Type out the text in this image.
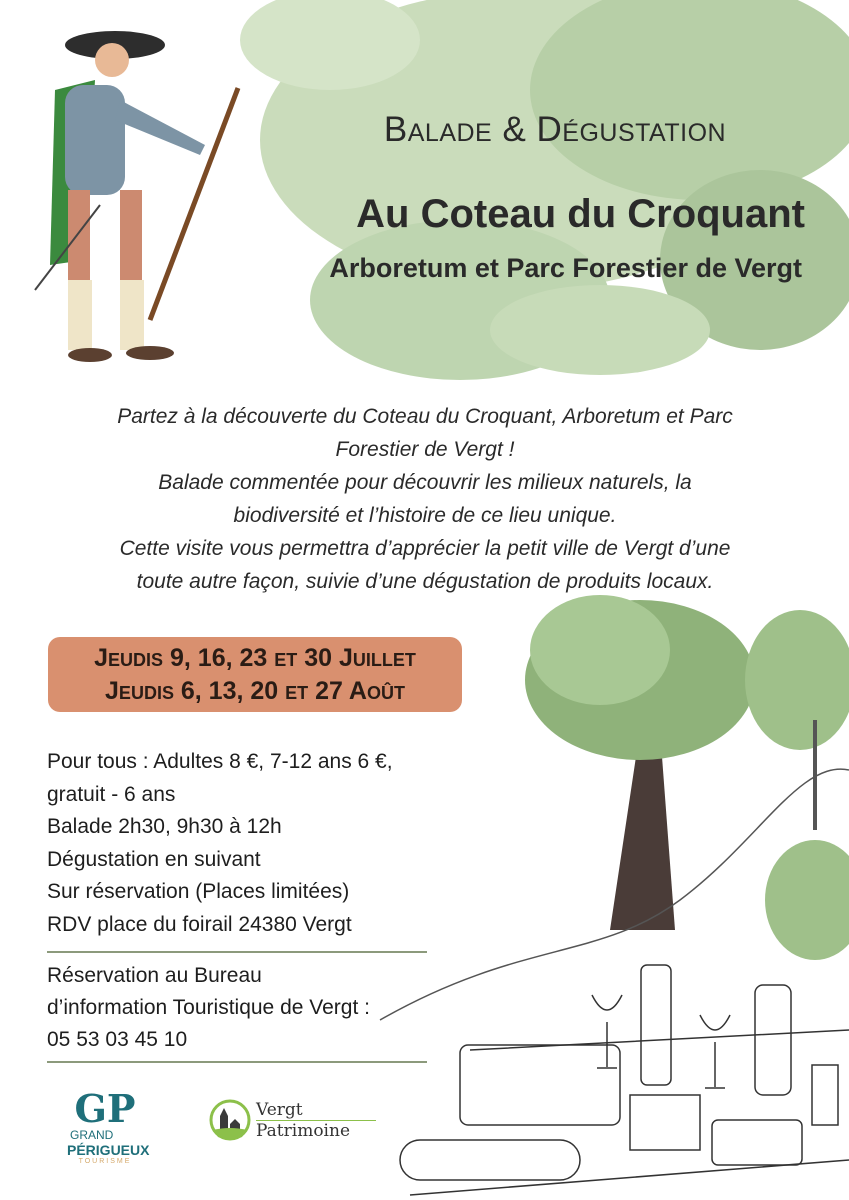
Balade & Dégustation
Au Coteau du Croquant
Arboretum et Parc Forestier de Vergt
Partez à la découverte du Coteau du Croquant, Arboretum et Parc
Forestier de Vergt !
Balade commentée pour découvrir les milieux naturels, la
biodiversité et l’histoire de ce lieu unique.
Cette visite vous permettra d’apprécier la petit ville de Vergt d’une
toute autre façon, suivie d’une dégustation de produits locaux.
Jeudis 9, 16, 23 et 30 Juillet
Jeudis 6, 13, 20 et 27 Août
Pour tous : Adultes 8 €, 7-12 ans 6 €,
gratuit - 6 ans
Balade 2h30, 9h30 à 12h
Dégustation en suivant
Sur réservation (Places limitées)
RDV place du foirail 24380 Vergt
Réservation au Bureau
d’information Touristique de Vergt :
05 53 03 45 10
GP
GRAND
PÉRIGUEUX
TOURISME
Vergt
Patrimoine
